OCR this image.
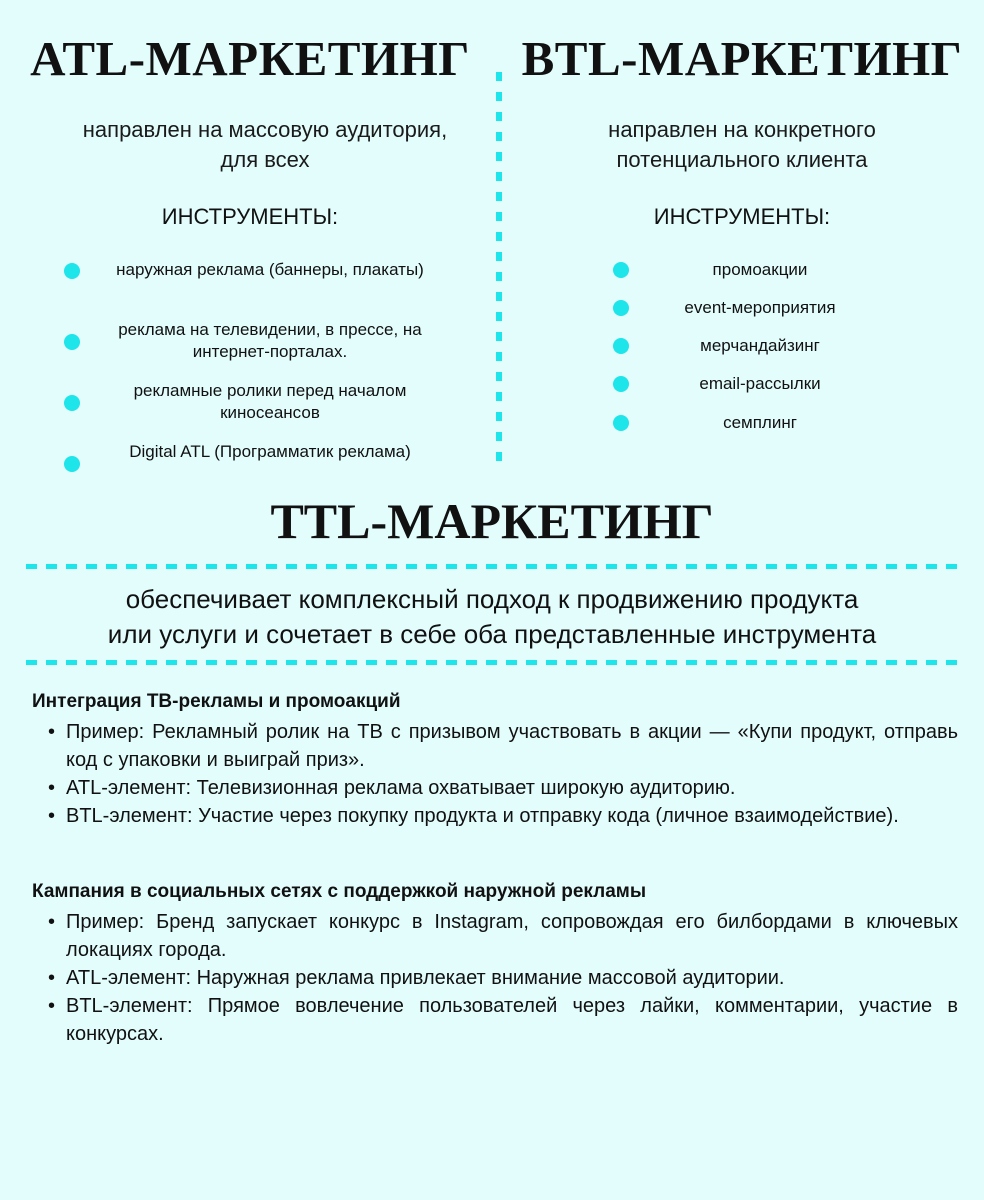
ATL-МАРКЕТИНГ
направлен на массовую аудитория,
для всех
ИНСТРУМЕНТЫ:
наружная реклама (баннеры, плакаты)
реклама на телевидении, в прессе, на
интернет-порталах.
рекламные ролики перед началом
киносеансов
Digital ATL (Программатик реклама)
BTL-МАРКЕТИНГ
направлен на конкретного
потенциального клиента
ИНСТРУМЕНТЫ:
промоакции
event-мероприятия
мерчандайзинг
email-рассылки
семплинг
TTL-МАРКЕТИНГ
обеспечивает комплексный подход к продвижению продукта
или услуги и сочетает в себе оба представленные инструмента
Интеграция ТВ-рекламы и промоакций
• Пример: Рекламный ролик на ТВ с призывом участвовать в акции — «Купи продукт, отправь код с упаковки и выиграй приз».
• ATL-элемент: Телевизионная реклама охватывает широкую аудиторию.
• BTL-элемент: Участие через покупку продукта и отправку кода (личное взаимодействие).
Кампания в социальных сетях с поддержкой наружной рекламы
• Пример: Бренд запускает конкурс в Instagram, сопровождая его билбордами в ключевых локациях города.
• ATL-элемент: Наружная реклама привлекает внимание массовой аудитории.
• BTL-элемент: Прямое вовлечение пользователей через лайки, комментарии, участие в конкурсах.
